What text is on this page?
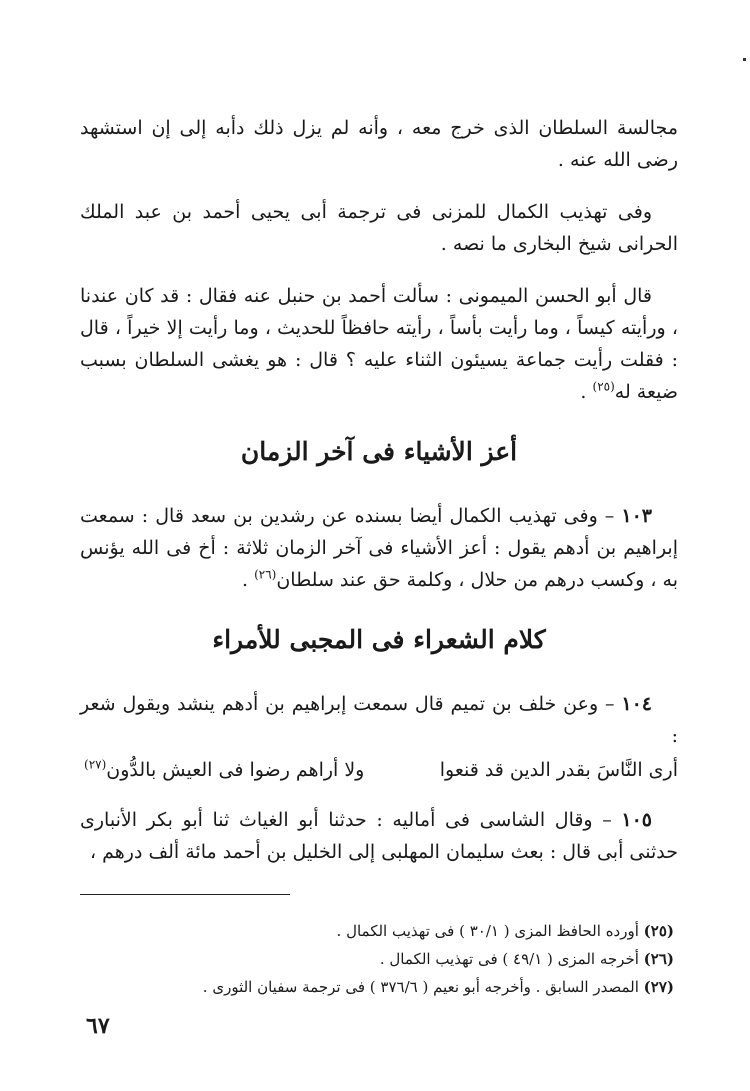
مجالسة السلطان الذى خرج معه ، وأنه لم يزل ذلك دأبه إلى إن استشهد رضى الله عنه .

وفى تهذيب الكمال للمزنى فى ترجمة أبى يحيى أحمد بن عبد الملك الحرانى شيخ البخارى ما نصه .

قال أبو الحسن الميمونى : سألت أحمد بن حنبل عنه فقال : قد كان عندنا ، ورأيته كيساً ، وما رأيت بأساً ، رأيته حافظاً للحديث ، وما رأيت إلا خيراً ، قال : فقلت رأيت جماعة يسيئون الثناء عليه ؟ قال : هو يغشى السلطان بسبب ضيعة له$^{(٢٥)}$ .

أعز الأشياء فى آخر الزمان

١٠٣ – وفى تهذيب الكمال أيضا بسنده عن رشدين بن سعد قال : سمعت إبراهيم بن أدهم يقول : أعز الأشياء فى آخر الزمان ثلاثة : أخ فى الله يؤنس به ، وكسب درهم من حلال ، وكلمة حق عند سلطان$^{(٢٦)}$ .

كلام الشعراء فى المجبى للأمراء

١٠٤ – وعن خلف بن تميم قال سمعت إبراهيم بن أدهم ينشد ويقول شعر :

أرى النَّاسَ بقدر الدين قد قنعوا
ولا أراهم رضوا فى العيش بالدُّون$^{(٢٧)}$

١٠٥ – وقال الشاسى فى أماليه : حدثنا أبو الغياث ثنا أبو بكر الأنبارى حدثنى أبى قال : بعث سليمان المهلبى إلى الخليل بن أحمد مائة ألف درهم ،

(٢٥) أورده الحافظ المزى ( ٣٠/١ ) فى تهذيب الكمال .

(٢٦) أخرجه المزى ( ٤٩/١ ) فى تهذيب الكمال .

(٢٧) المصدر السابق . وأخرجه أبو نعيم ( ٣٧٦/٦ ) فى ترجمة سفيان الثورى .

٦٧
